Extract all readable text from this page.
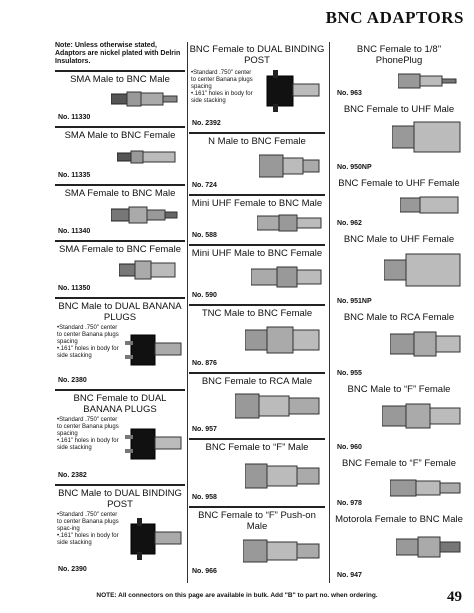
BNC ADAPTORS
Note: Unless otherwise stated, Adaptors are nickel plated with Delrin Insulators.
SMA Male to BNC Male
No. 11330
SMA Male to BNC Female
No. 11335
SMA Female to BNC Male
No. 11340
SMA Female to BNC Female
No. 11350
BNC Male to DUAL BANANA PLUGS
• Standard .750" center to center Banana plugs spacing
• .161" holes in body for side stacking
No. 2380
BNC Female to DUAL BANANA PLUGS
• Standard .750" center to center Banana plugs spacing
• .161" holes in body for side stacking
No. 2382
BNC Male to DUAL BINDING POST
• Standard .750" center to center Banana plugs spac-ing
• .161" holes in body for side stacking
No. 2390
BNC Female to DUAL BINDING POST
• Standard .750" center to center Banana plugs spacing
• .161" holes in body for side stacking
No. 2392
N Male to BNC Female
No. 724
Mini UHF Female to BNC Male
No. 588
Mini UHF Male to BNC Female
No. 590
TNC Male to BNC Female
No. 876
BNC Female to RCA Male
No. 957
BNC Female to “F” Male
No. 958
BNC Female to “F” Push-on Male
No. 966
BNC Female to 1/8" PhonePlug
No. 963
BNC Female to UHF Male
No. 950NP
BNC Female to UHF Female
No. 962
BNC Male to UHF Female
No. 951NP
BNC Male to RCA Female
No. 955
BNC Male to “F” Female
No. 960
BNC Female to “F” Female
No. 978
Motorola Female to BNC Male
No. 947
NOTE: All connectors on this page are available in bulk. Add "B" to part no. when ordering.	49
